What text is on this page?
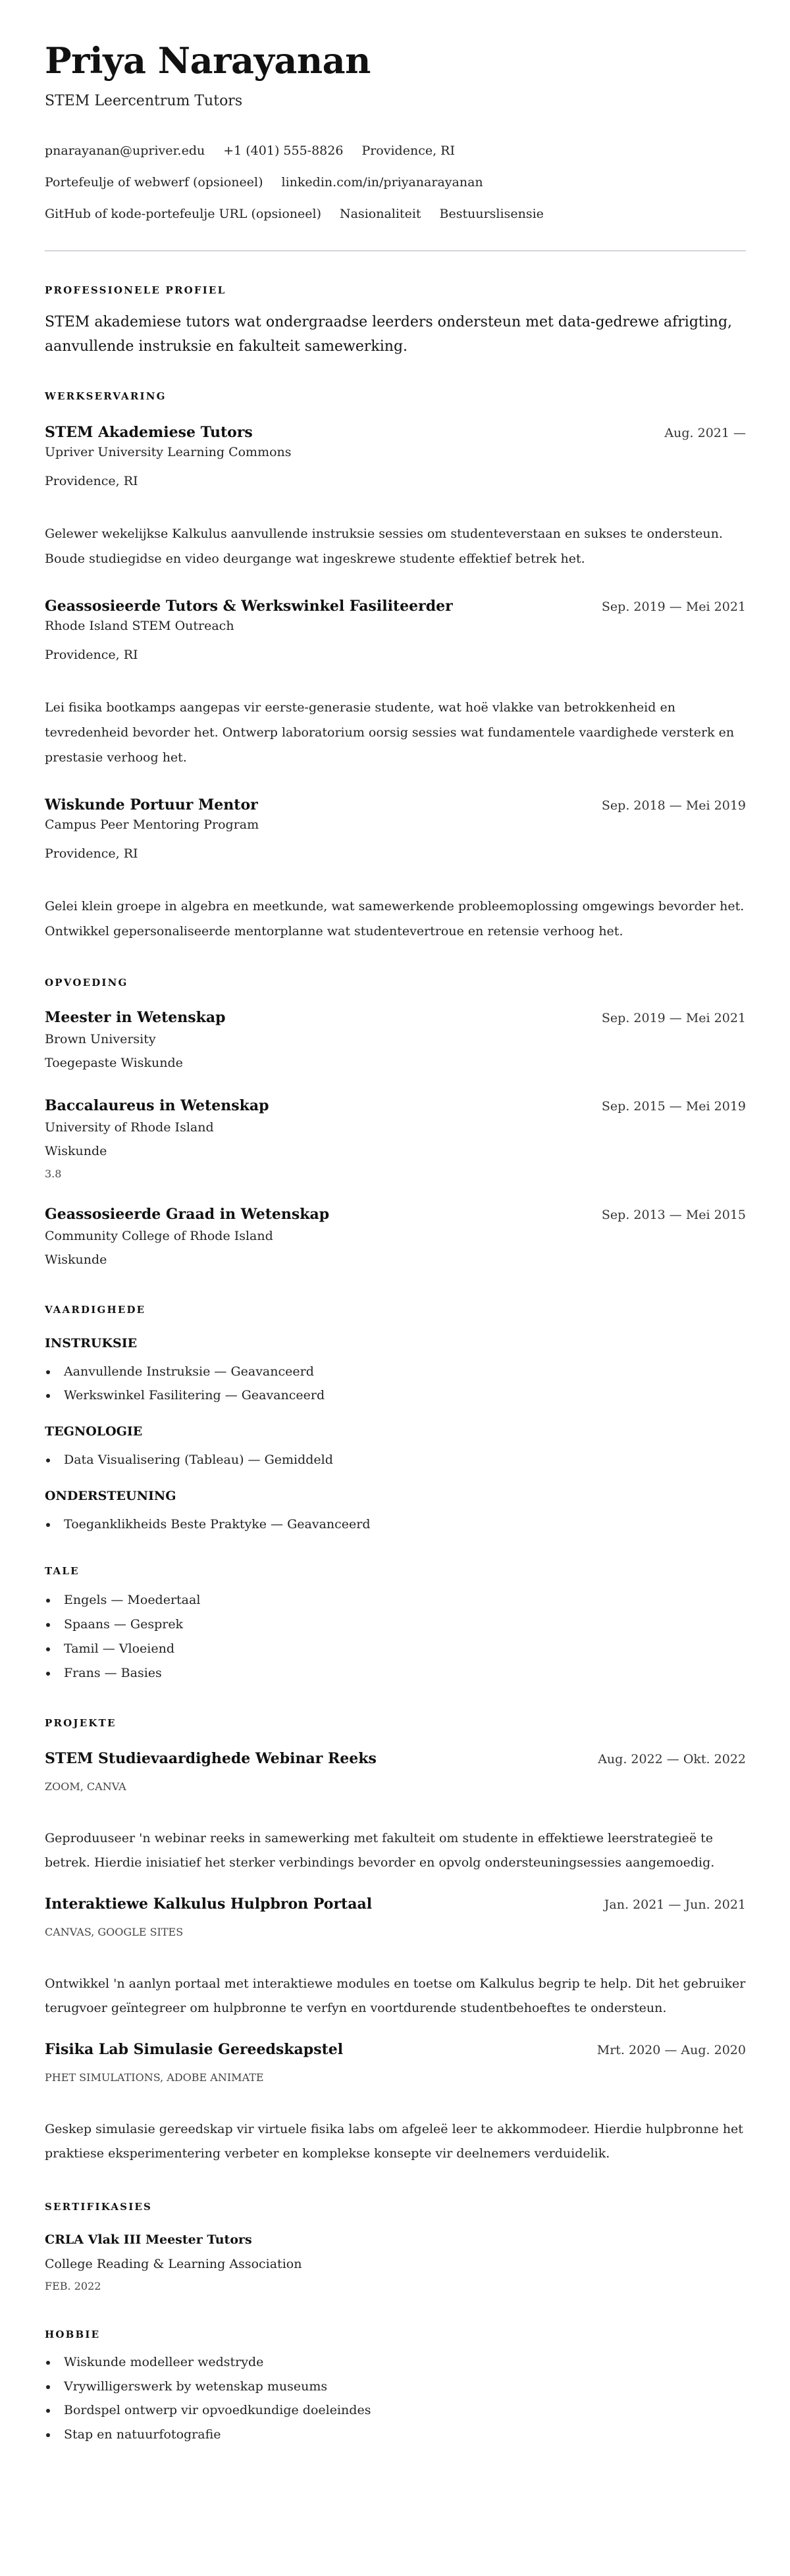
Priya Narayanan
STEM Leercentrum Tutors
pnarayanan@upriver.edu +1 (401) 555-8826 Providence, RI
Portefeulje of webwerf (opsioneel) linkedin.com/in/priyanarayanan
GitHub of kode-portefeulje URL (opsioneel) Nasionaliteit Bestuurslisensie
PROFESSIONELE PROFIEL
STEM akademiese tutors wat ondergraadse leerders ondersteun met data-gedrewe afrigting, aanvullende instruksie en fakulteit samewerking.
WERKSERVARING
STEM Akademiese Tutors	Aug. 2021 —
Upriver University Learning Commons
Providence, RI
Gelewer wekelijkse Kalkulus aanvullende instruksie sessies om studenteverstaan en sukses te ondersteun. Boude studiegidse en video deurgange wat ingeskrewe studente effektief betrek het.
Geassosieerde Tutors & Werkswinkel Fasiliteerder	Sep. 2019 — Mei 2021
Rhode Island STEM Outreach
Providence, RI
Lei fisika bootkamps aangepas vir eerste-generasie studente, wat hoë vlakke van betrokkenheid en tevredenheid bevorder het. Ontwerp laboratorium oorsig sessies wat fundamentele vaardighede versterk en prestasie verhoog het.
Wiskunde Portuur Mentor	Sep. 2018 — Mei 2019
Campus Peer Mentoring Program
Providence, RI
Gelei klein groepe in algebra en meetkunde, wat samewerkende probleemoplossing omgewings bevorder het. Ontwikkel gepersonaliseerde mentorplanne wat studentevertroue en retensie verhoog het.
OPVOEDING
Meester in Wetenskap	Sep. 2019 — Mei 2021
Brown University
Toegepaste Wiskunde
Baccalaureus in Wetenskap	Sep. 2015 — Mei 2019
University of Rhode Island
Wiskunde
3.8
Geassosieerde Graad in Wetenskap	Sep. 2013 — Mei 2015
Community College of Rhode Island
Wiskunde
VAARDIGHEDE
INSTRUKSIE
Aanvullende Instruksie — Geavanceerd
Werkswinkel Fasilitering — Geavanceerd
TEGNOLOGIE
Data Visualisering (Tableau) — Gemiddeld
ONDERSTEUNING
Toeganklikheids Beste Praktyke — Geavanceerd
TALE
Engels — Moedertaal
Spaans — Gesprek
Tamil — Vloeiend
Frans — Basies
PROJEKTE
STEM Studievaardighede Webinar Reeks	Aug. 2022 — Okt. 2022
ZOOM, CANVA
Geproduuseer 'n webinar reeks in samewerking met fakulteit om studente in effektiewe leerstrategieë te betrek. Hierdie inisiatief het sterker verbindings bevorder en opvolg ondersteuningsessies aangemoedig.
Interaktiewe Kalkulus Hulpbron Portaal	Jan. 2021 — Jun. 2021
CANVAS, GOOGLE SITES
Ontwikkel 'n aanlyn portaal met interaktiewe modules en toetse om Kalkulus begrip te help. Dit het gebruiker terugvoer geïntegreer om hulpbronne te verfyn en voortdurende studentbehoeftes te ondersteun.
Fisika Lab Simulasie Gereedskapstel	Mrt. 2020 — Aug. 2020
PHET SIMULATIONS, ADOBE ANIMATE
Geskep simulasie gereedskap vir virtuele fisika labs om afgeleë leer te akkommodeer. Hierdie hulpbronne het praktiese eksperimentering verbeter en komplekse konsepte vir deelnemers verduidelik.
SERTIFIKASIES
CRLA Vlak III Meester Tutors
College Reading & Learning Association
FEB. 2022
HOBBIE
Wiskunde modelleer wedstryde
Vrywilligerswerk by wetenskap museums
Bordspel ontwerp vir opvoedkundige doeleindes
Stap en natuurfotografie
